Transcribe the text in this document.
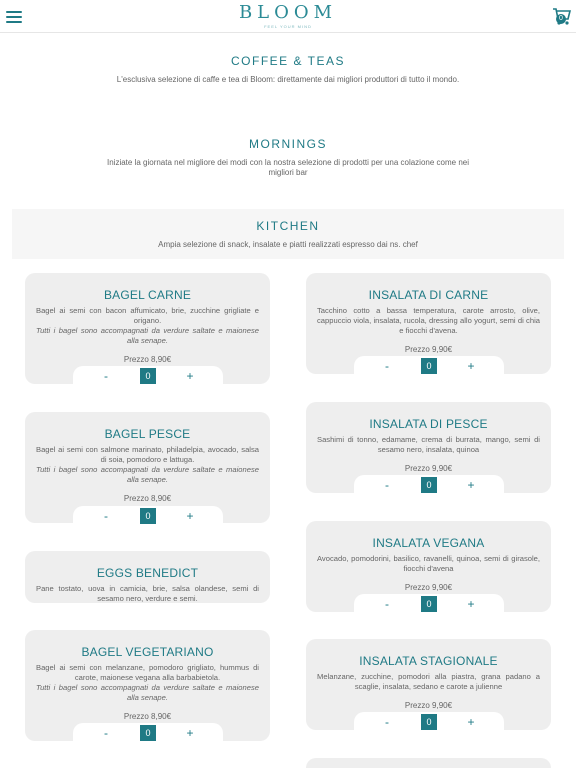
BLOOM
FEEL YOUR MIND
0
COFFEE & TEAS

L'esclusiva selezione di caffe e tea di Bloom: direttamente dai migliori produttori di tutto il mondo.

MORNINGS

Iniziate la giornata nel migliore dei modi con la nostra selezione di prodotti per una colazione come nei migliori bar

KITCHEN

Ampia selezione di snack, insalate e piatti realizzati espresso dai ns. chef

BAGEL CARNE
Bagel ai semi con bacon affumicato, brie, zucchine grigliate e origano.
Tutti i bagel sono accompagnati da verdure saltate e maionese alla senape.
Prezzo 8,90€
-	0	+
BAGEL PESCE
Bagel ai semi con salmone marinato, philadelpia, avocado, salsa di soia, pomodoro e lattuga.
Tutti i bagel sono accompagnati da verdure saltate e maionese alla senape.
Prezzo 8,90€
-	0	+
EGGS BENEDICT
Pane tostato, uova in camicia, brie, salsa olandese, semi di sesamo nero, verdure e semi.
BAGEL VEGETARIANO
Bagel ai semi con melanzane, pomodoro grigliato, hummus di carote, maionese vegana alla barbabietola.
Tutti i bagel sono accompagnati da verdure saltate e maionese alla senape.
Prezzo 8,90€
-	0	+
INSALATA DI CARNE
Tacchino cotto a bassa temperatura, carote arrosto, olive, cappuccio viola, insalata, rucola, dressing allo yogurt, semi di chia e fiocchi d'avena.
Prezzo 9,90€
-	0	+
INSALATA DI PESCE
Sashimi di tonno, edamame, crema di burrata, mango, semi di sesamo nero, insalata, quinoa
Prezzo 9,90€
-	0	+
INSALATA VEGANA
Avocado, pomodorini, basilico, ravanelli, quinoa, semi di girasole, fiocchi d'avena
Prezzo 9,90€
-	0	+
INSALATA STAGIONALE
Melanzane, zucchine, pomodori alla piastra, grana padano a scaglie, insalata, sedano e carote a julienne
Prezzo 9,90€
-	0	+
